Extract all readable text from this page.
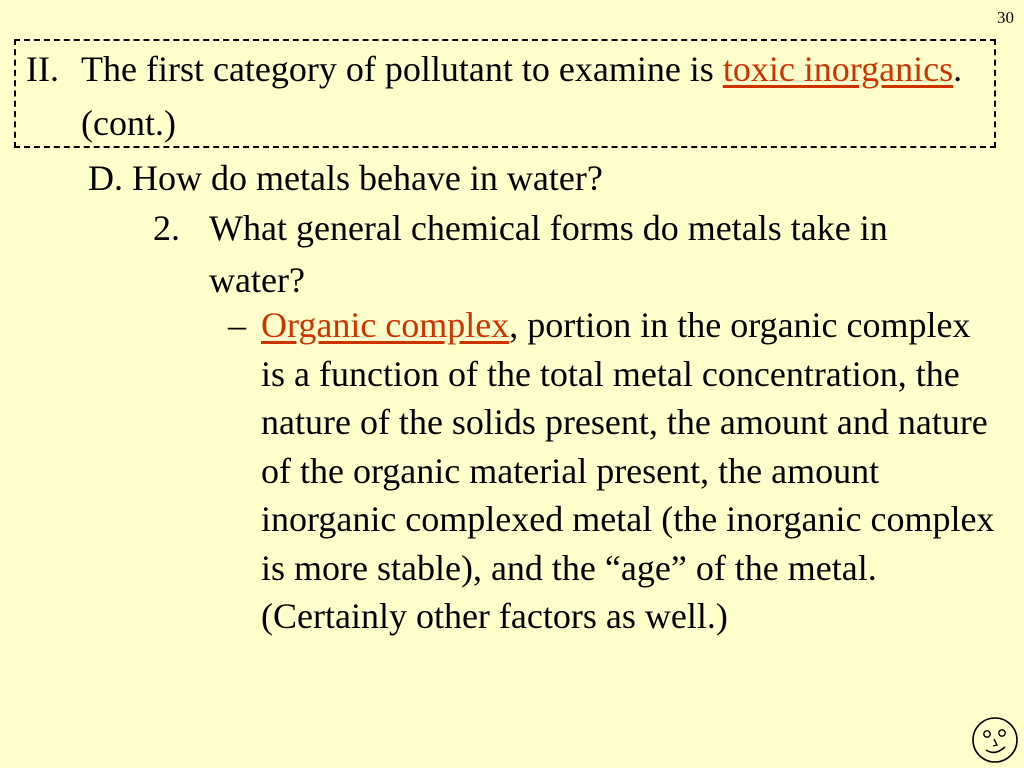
30
II. The first category of pollutant to examine is toxic inorganics. (cont.)
D. How do metals behave in water?
2. What general chemical forms do metals take in water?
– Organic complex, portion in the organic complex is a function of the total metal concentration, the nature of the solids present, the amount and nature of the organic material present, the amount inorganic complexed metal (the inorganic complex is more stable), and the “age” of the metal. (Certainly other factors as well.)
